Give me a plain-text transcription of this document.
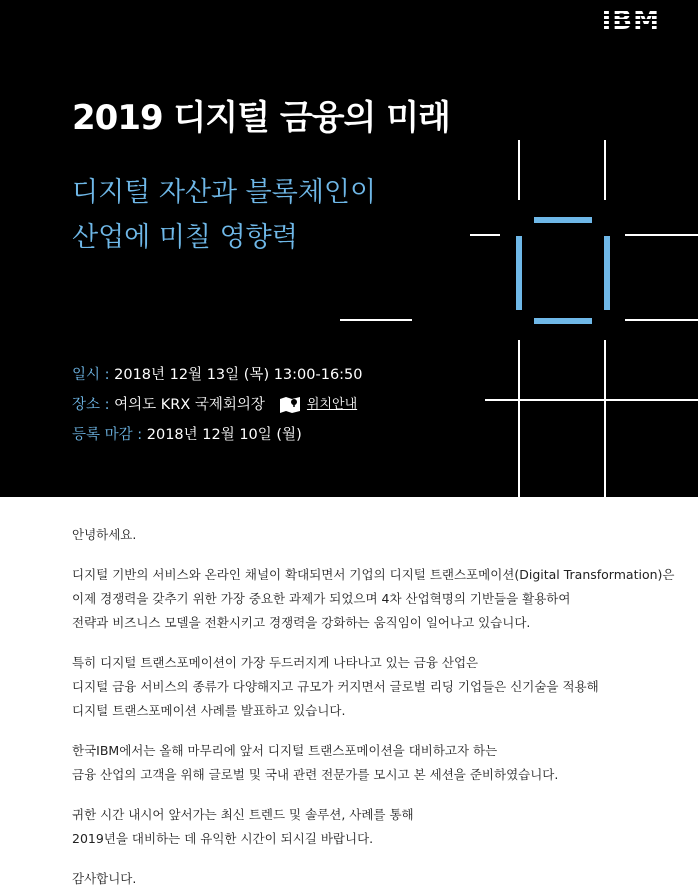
IBM
2019 디지털 금융의 미래
디지털 자산과 블록체인이
산업에 미칠 영향력
일시 :
2018년 12월 13일 (목) 13:00-16:50
장소 :
여의도 KRX 국제회의장	위치안내
등록 마감 :
2018년 12월 10일 (월)

안녕하세요.

디지털 기반의 서비스와 온라인 채널이 확대되면서 기업의 디지털 트랜스포메이션(Digital Transformation)은
이제 경쟁력을 갖추기 위한 가장 중요한 과제가 되었으며 4차 산업혁명의 기반들을 활용하여
전략과 비즈니스 모델을 전환시키고 경쟁력을 강화하는 움직임이 일어나고 있습니다.

특히 디지털 트랜스포메이션이 가장 두드러지게 나타나고 있는 금융 산업은
디지털 금융 서비스의 종류가 다양해지고 규모가 커지면서 글로벌 리딩 기업들은 신기술을 적용해
디지털 트랜스포메이션 사례를 발표하고 있습니다.

한국IBM에서는 올해 마무리에 앞서 디지털 트랜스포메이션을 대비하고자 하는
금융 산업의 고객을 위해 글로벌 및 국내 관련 전문가를 모시고 본 세션을 준비하였습니다.

귀한 시간 내시어 앞서가는 최신 트렌드 및 솔루션, 사례를 통해
2019년을 대비하는 데 유익한 시간이 되시길 바랍니다.

감사합니다.
